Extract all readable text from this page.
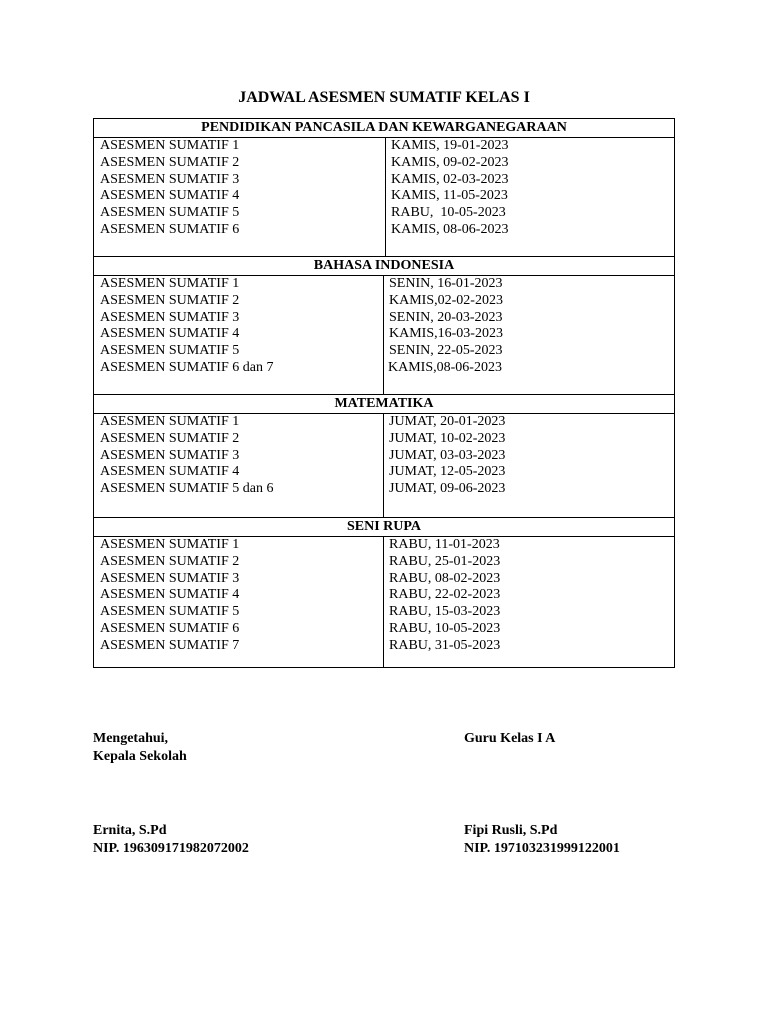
JADWAL ASESMEN SUMATIF KELAS I
PENDIDIKAN PANCASILA DAN KEWARGANEGARAAN
ASESMEN SUMATIF 1	KAMIS, 19-01-2023
ASESMEN SUMATIF 2	KAMIS, 09-02-2023
ASESMEN SUMATIF 3	KAMIS, 02-03-2023
ASESMEN SUMATIF 4	KAMIS, 11-05-2023
ASESMEN SUMATIF 5	RABU,  10-05-2023
ASESMEN SUMATIF 6	KAMIS, 08-06-2023
BAHASA INDONESIA
ASESMEN SUMATIF 1	SENIN, 16-01-2023
ASESMEN SUMATIF 2	KAMIS,02-02-2023
ASESMEN SUMATIF 3	SENIN, 20-03-2023
ASESMEN SUMATIF 4	KAMIS,16-03-2023
ASESMEN SUMATIF 5	SENIN, 22-05-2023
ASESMEN SUMATIF 6 dan 7	KAMIS,08-06-2023
MATEMATIKA
ASESMEN SUMATIF 1	JUMAT, 20-01-2023
ASESMEN SUMATIF 2	JUMAT, 10-02-2023
ASESMEN SUMATIF 3	JUMAT, 03-03-2023
ASESMEN SUMATIF 4	JUMAT, 12-05-2023
ASESMEN SUMATIF 5 dan 6	JUMAT, 09-06-2023
SENI RUPA
ASESMEN SUMATIF 1	RABU, 11-01-2023
ASESMEN SUMATIF 2	RABU, 25-01-2023
ASESMEN SUMATIF 3	RABU, 08-02-2023
ASESMEN SUMATIF 4	RABU, 22-02-2023
ASESMEN SUMATIF 5	RABU, 15-03-2023
ASESMEN SUMATIF 6	RABU, 10-05-2023
ASESMEN SUMATIF 7	RABU, 31-05-2023
Mengetahui,
Kepala Sekolah
Guru Kelas I A
Ernita, S.Pd
NIP. 196309171982072002
Fipi Rusli, S.Pd
NIP. 197103231999122001
